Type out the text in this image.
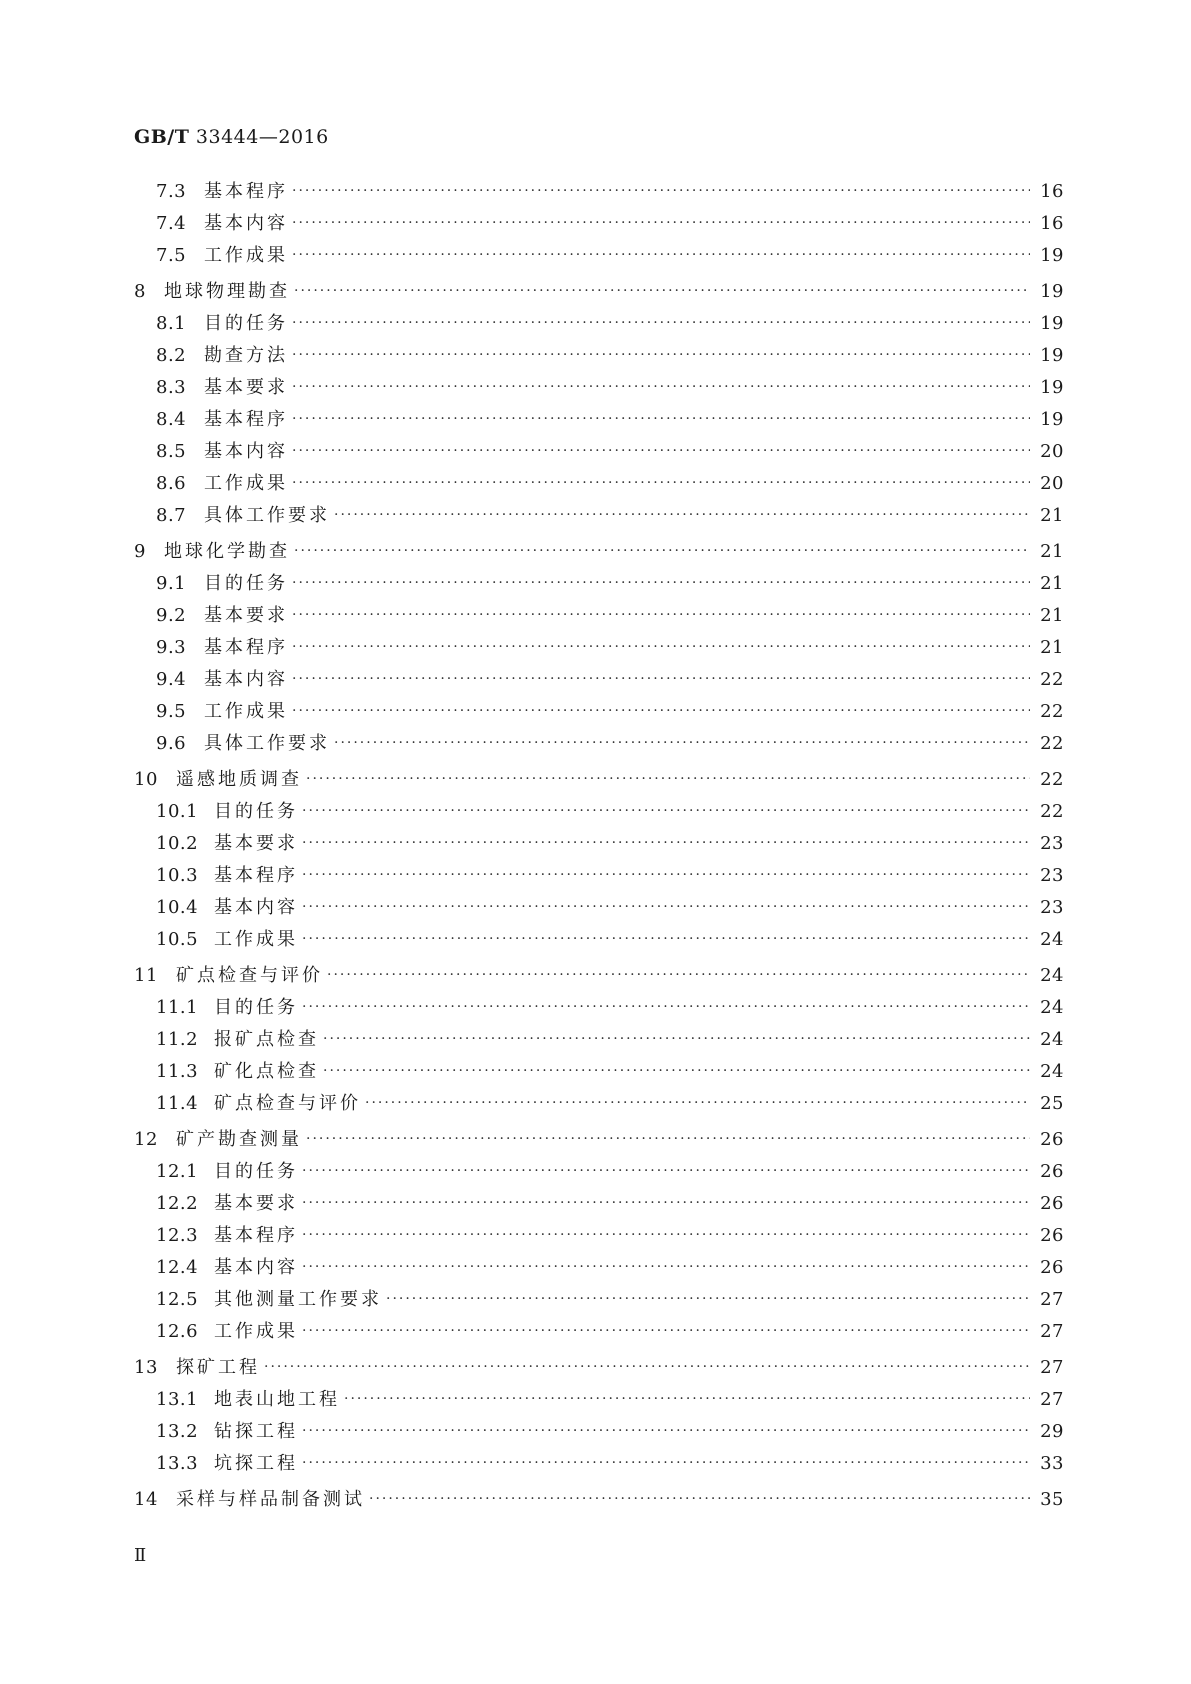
GB/T 33444—2016
7.3 基本程序 ·····	16
7.4 基本内容 ·····	16
7.5 工作成果 ·····	19
8	地球物理勘查 ·····	19
8.1 目的任务 ·····	19
8.2 勘查方法 ·····	19
8.3 基本要求 ·····	19
8.4 基本程序 ·····	19
8.5 基本内容 ·····	20
8.6 工作成果 ·····	20
8.7 具体工作要求 ·····	21
9	地球化学勘查 ·····	21
9.1 目的任务 ·····	21
9.2 基本要求 ·····	21
9.3 基本程序 ·····	21
9.4 基本内容 ·····	22
9.5 工作成果 ·····	22
9.6 具体工作要求 ·····	22
10	遥感地质调查 ·····	22
10.1 目的任务 ·····	22
10.2 基本要求 ·····	23
10.3 基本程序 ·····	23
10.4 基本内容 ·····	23
10.5 工作成果 ·····	24
11	矿点检查与评价 ·····	24
11.1 目的任务 ·····	24
11.2 报矿点检查 ·····	24
11.3 矿化点检查 ·····	24
11.4 矿点检查与评价 ·····	25
12	矿产勘查测量 ·····	26
12.1 目的任务 ·····	26
12.2 基本要求 ·····	26
12.3 基本程序 ·····	26
12.4 基本内容 ·····	26
12.5 其他测量工作要求 ·····	27
12.6 工作成果 ·····	27
13	探矿工程 ·····	27
13.1 地表山地工程 ·····	27
13.2 钻探工程 ·····	29
13.3 坑探工程 ·····	33
14	采样与样品制备测试 ·····	35
Ⅱ
